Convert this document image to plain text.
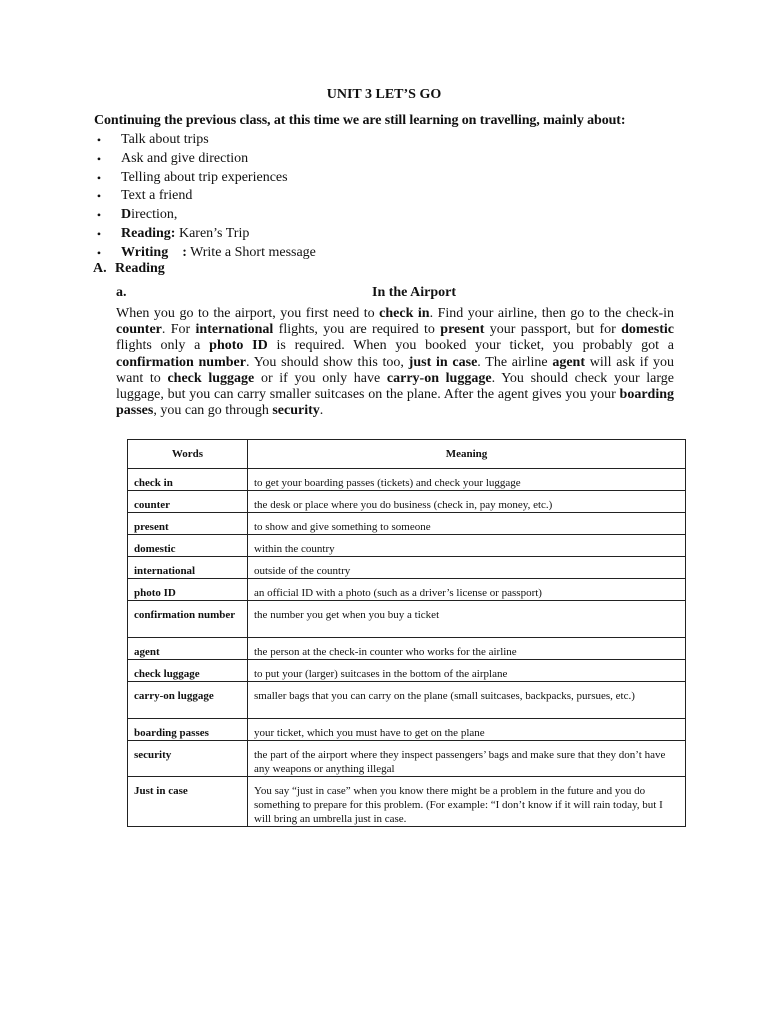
UNIT 3 LET’S GO
Continuing the previous class, at this time we are still learning on travelling, mainly about:
• Talk about trips
• Ask and give direction
• Telling about trip experiences
• Text a friend
• Direction,
• Reading: Karen’s Trip
• Writing    : Write a Short message
A. Reading
a.	In the Airport
When you go to the airport, you first need to check in. Find your airline, then go to the check-in counter. For international flights, you are required to present your passport, but for domestic flights only a photo ID is required. When you booked your ticket, you probably got a confirmation number. You should show this too, just in case. The airline agent will ask if you want to check luggage or if you only have carry-on luggage. You should check your large luggage, but you can carry smaller suitcases on the plane. After the agent gives you your boarding passes, you can go through security.
Words	Meaning
check in	to get your boarding passes (tickets) and check your luggage
counter	the desk or place where you do business (check in, pay money, etc.)
present	to show and give something to someone
domestic	within the country
international	outside of the country
photo ID	an official ID with a photo (such as a driver’s license or passport)
confirmation number	the number you get when you buy a ticket
agent	the person at the check-in counter who works for the airline
check luggage	to put your (larger) suitcases in the bottom of the airplane
carry-on luggage	smaller bags that you can carry on the plane (small suitcases, backpacks, pursues, etc.)
boarding passes	your ticket, which you must have to get on the plane
security	the part of the airport where they inspect passengers’ bags and make sure that they don’t have any weapons or anything illegal
Just in case	You say “just in case” when you know there might be a problem in the future and you do something to prepare for this problem. (For example: “I don’t know if it will rain today, but I will bring an umbrella just in case.
